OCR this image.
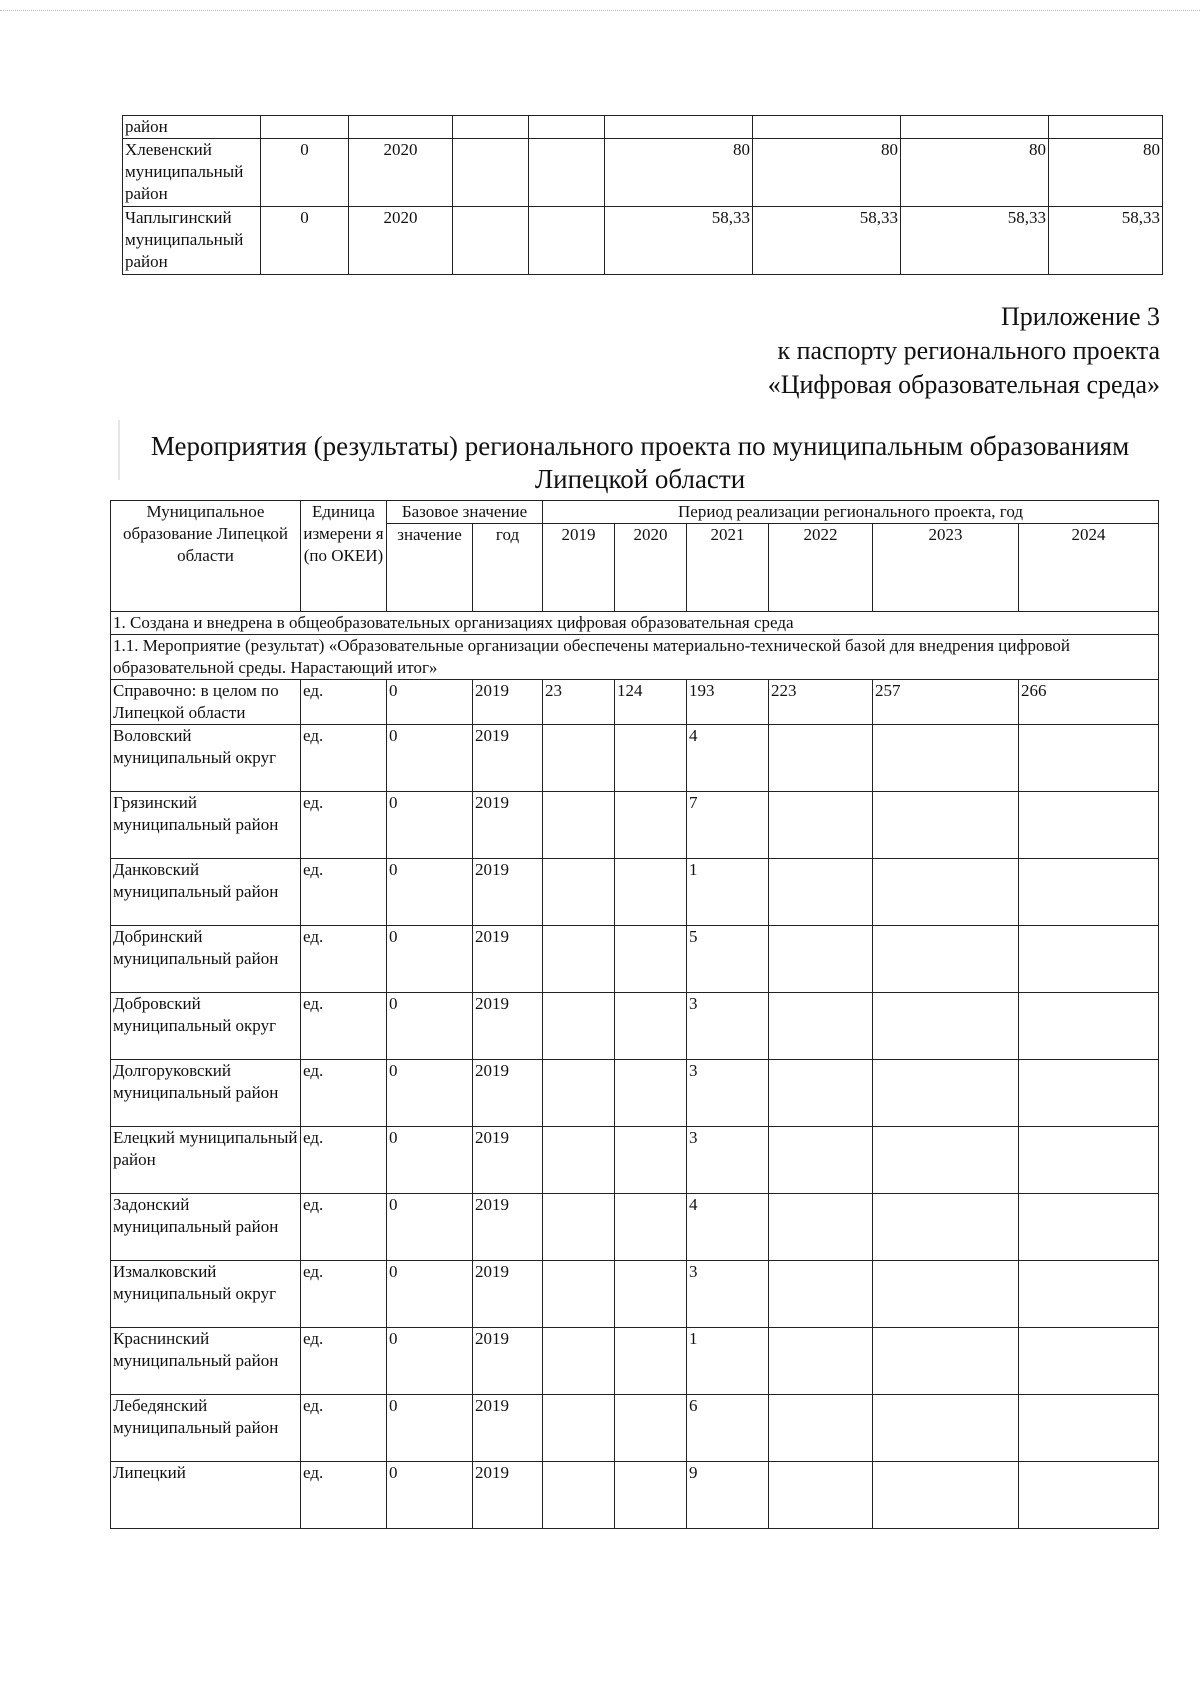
район								
Хлевенский муниципальный район	0	2020			80	80	80	80
Чаплыгинский муниципальный район	0	2020			58,33	58,33	58,33	58,33
Приложение 3
к паспорту регионального проекта
«Цифровая образовательная среда»
Мероприятия (результаты) регионального проекта по муниципальным образованиям
Липецкой области
Муниципальное образование Липецкой области	Единица измерени я (по ОКЕИ)	Базовое значение		Период реализации регионального проекта, год					
		значение	год	2019	2020	2021	2022	2023	2024
1. Создана и внедрена в общеобразовательных организациях цифровая образовательная среда									
1.1. Мероприятие (результат) «Образовательные организации обеспечены материально-технической базой для внедрения цифровой образовательной среды. Нарастающий итог»									
Справочно: в целом по Липецкой области	ед.	0	2019	23	124	193	223	257	266
Воловский муниципальный округ	ед.	0	2019			4			
Грязинский муниципальный район	ед.	0	2019			7			
Данковский муниципальный район	ед.	0	2019			1			
Добринский муниципальный район	ед.	0	2019			5			
Добровский муниципальный округ	ед.	0	2019			3			
Долгоруковский муниципальный район	ед.	0	2019			3			
Елецкий муниципальный район	ед.	0	2019			3			
Задонский муниципальный район	ед.	0	2019			4			
Измалковский муниципальный округ	ед.	0	2019			3			
Краснинский муниципальный район	ед.	0	2019			1			
Лебедянский муниципальный район	ед.	0	2019			6			
Липецкий	ед.	0	2019			9			
